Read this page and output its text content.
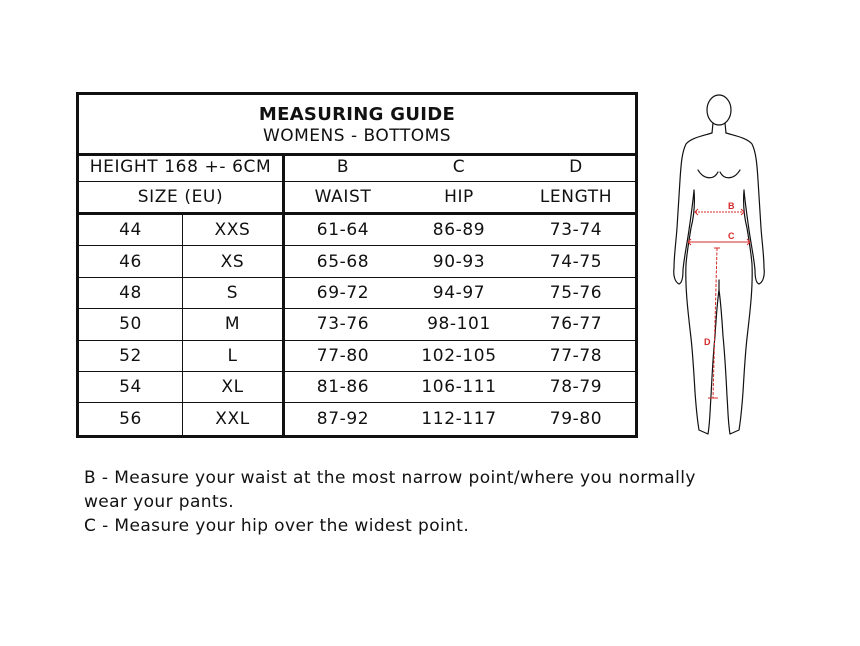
MEASURING GUIDE
WOMENS - BOTTOMS
HEIGHT 168 +- 6CM	B	C	D
SIZE (EU)	WAIST	HIP	LENGTH
44	XXS	61-64	86-89	73-74
46	XS	65-68	90-93	74-75
48	S	69-72	94-97	75-76
50	M	73-76	98-101	76-77
52	L	77-80	102-105	77-78
54	XL	81-86	106-111	78-79
56	XXL	87-92	112-117	79-80
B
C
D

B - Measure your waist at the most narrow point/where you normally wear your pants.

C - Measure your hip over the widest point.
